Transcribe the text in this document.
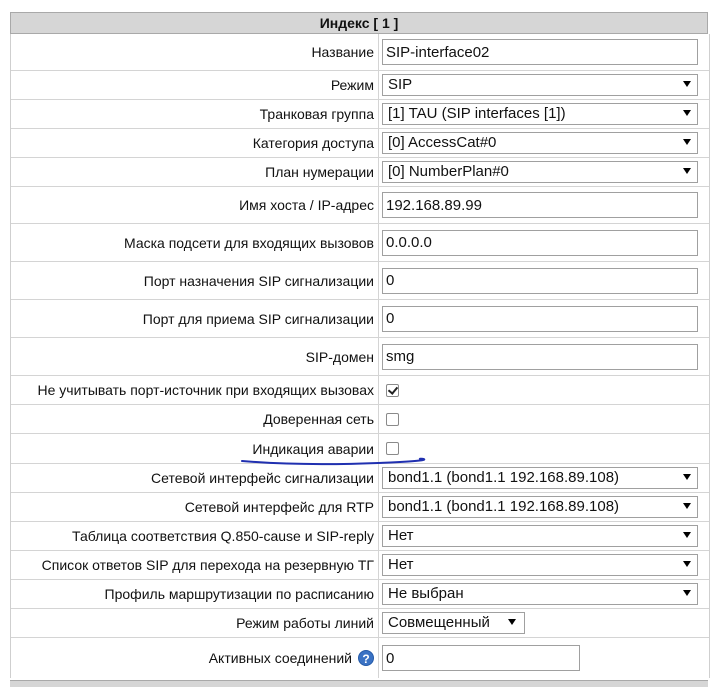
Индекс [ 1 ]
Название
SIP-interface02
Режим SIP
Транковая группа [1] TAU (SIP interfaces [1])
Категория доступа [0] AccessCat#0
План нумерации [0] NumberPlan#0
Имя хоста / IP-адрес
192.168.89.99
Маска подсети для входящих вызовов
0.0.0.0
Порт назначения SIP сигнализации
0
Порт для приема SIP сигнализации
0
SIP-домен
smg
Не учитывать порт-источник при входящих вызовах
Доверенная сеть
Индикация аварии
Сетевой интерфейс сигнализации bond1.1 (bond1.1 192.168.89.108)
Сетевой интерфейс для RTP bond1.1 (bond1.1 192.168.89.108)
Таблица соответствия Q.850-cause и SIP-reply Нет
Список ответов SIP для перехода на резервную ТГ Нет
Профиль маршрутизации по расписанию Не выбран
Режим работы линий Совмещенный
Активных соединений ?
0
